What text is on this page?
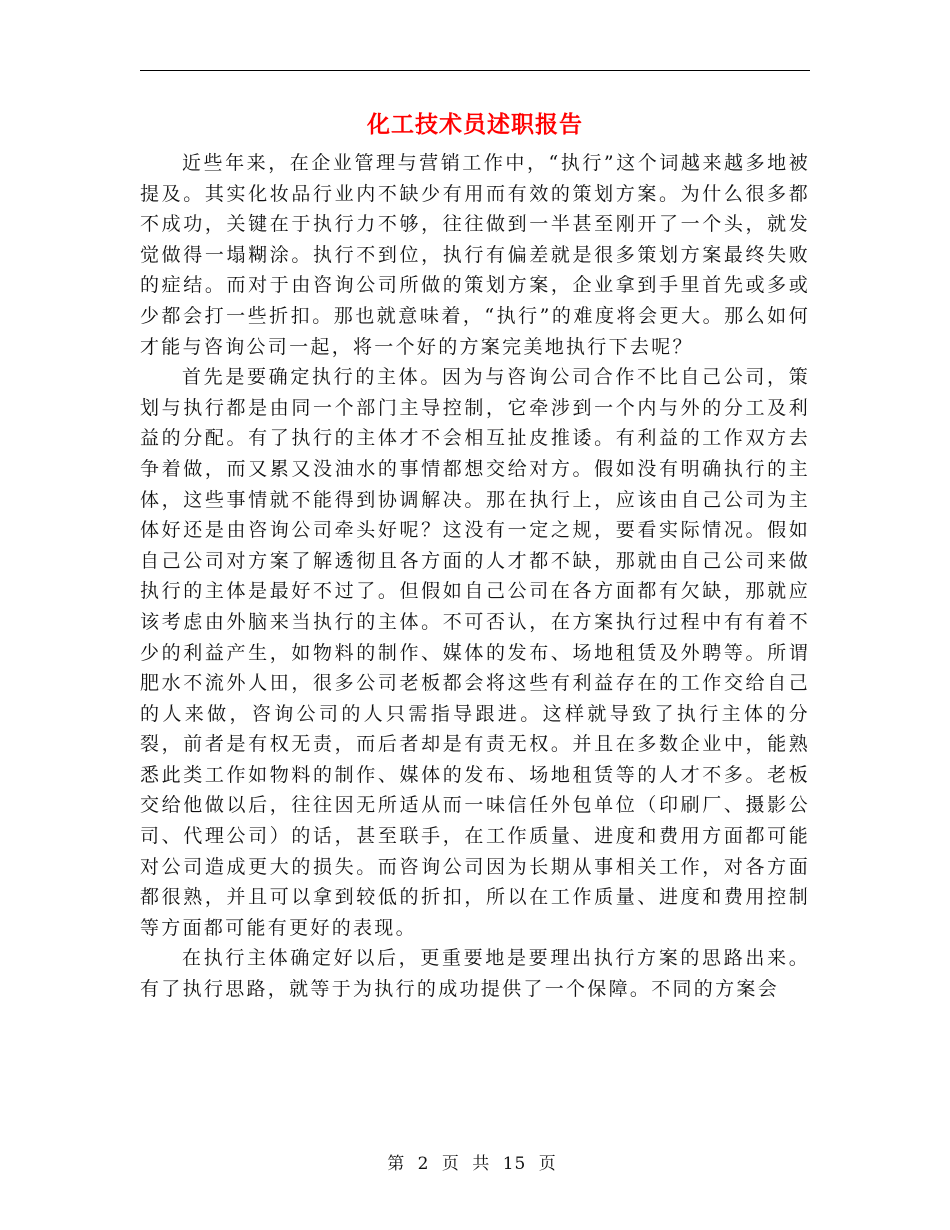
化工技术员述职报告

近些年来，在企业管理与营销工作中，“执行”这个词越来越多地被提及。其实化妆品行业内不缺少有用而有效的策划方案。为什么很多都不成功，关键在于执行力不够，往往做到一半甚至刚开了一个头，就发觉做得一塌糊涂。执行不到位，执行有偏差就是很多策划方案最终失败的症结。而对于由咨询公司所做的策划方案，企业拿到手里首先或多或少都会打一些折扣。那也就意味着，“执行”的难度将会更大。那么如何才能与咨询公司一起，将一个好的方案完美地执行下去呢？

首先是要确定执行的主体。因为与咨询公司合作不比自己公司，策划与执行都是由同一个部门主导控制，它牵涉到一个内与外的分工及利益的分配。有了执行的主体才不会相互扯皮推诿。有利益的工作双方去争着做，而又累又没油水的事情都想交给对方。假如没有明确执行的主体，这些事情就不能得到协调解决。那在执行上，应该由自己公司为主体好还是由咨询公司牵头好呢？这没有一定之规，要看实际情况。假如自己公司对方案了解透彻且各方面的人才都不缺，那就由自己公司来做执行的主体是最好不过了。但假如自己公司在各方面都有欠缺，那就应该考虑由外脑来当执行的主体。不可否认，在方案执行过程中有有着不少的利益产生，如物料的制作、媒体的发布、场地租赁及外聘等。所谓肥水不流外人田，很多公司老板都会将这些有利益存在的工作交给自己的人来做，咨询公司的人只需指导跟进。这样就导致了执行主体的分裂，前者是有权无责，而后者却是有责无权。并且在多数企业中，能熟悉此类工作如物料的制作、媒体的发布、场地租赁等的人才不多。老板交给他做以后，往往因无所适从而一味信任外包单位（印刷厂、摄影公司、代理公司）的话，甚至联手，在工作质量、进度和费用方面都可能对公司造成更大的损失。而咨询公司因为长期从事相关工作，对各方面都很熟，并且可以拿到较低的折扣，所以在工作质量、进度和费用控制等方面都可能有更好的表现。

在执行主体确定好以后，更重要地是要理出执行方案的思路出来。有了执行思路，就等于为执行的成功提供了一个保障。不同的方案会

第 2 页 共 15 页
